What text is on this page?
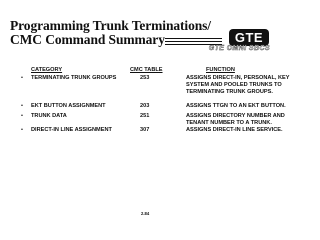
Programming Trunk Terminations/
CMC Command Summary	GTE
GTE OMNI SBCS
CATEGORY	CMC TABLE	FUNCTION
• TERMINATING TRUNK GROUPS	253	ASSIGNS DIRECT-IN, PERSONAL, KEY
SYSTEM AND POOLED TRUNKS TO
TERMINATING TRUNK GROUPS.
• EKT BUTTON ASSIGNMENT	203	ASSIGNS TTGN TO AN EKT BUTTON.
• TRUNK DATA	251	ASSIGNS DIRECTORY NUMBER AND
TENANT NUMBER TO A TRUNK.
• DIRECT-IN LINE ASSIGNMENT	307	ASSIGNS DIRECT-IN LINE SERVICE.
2.84
